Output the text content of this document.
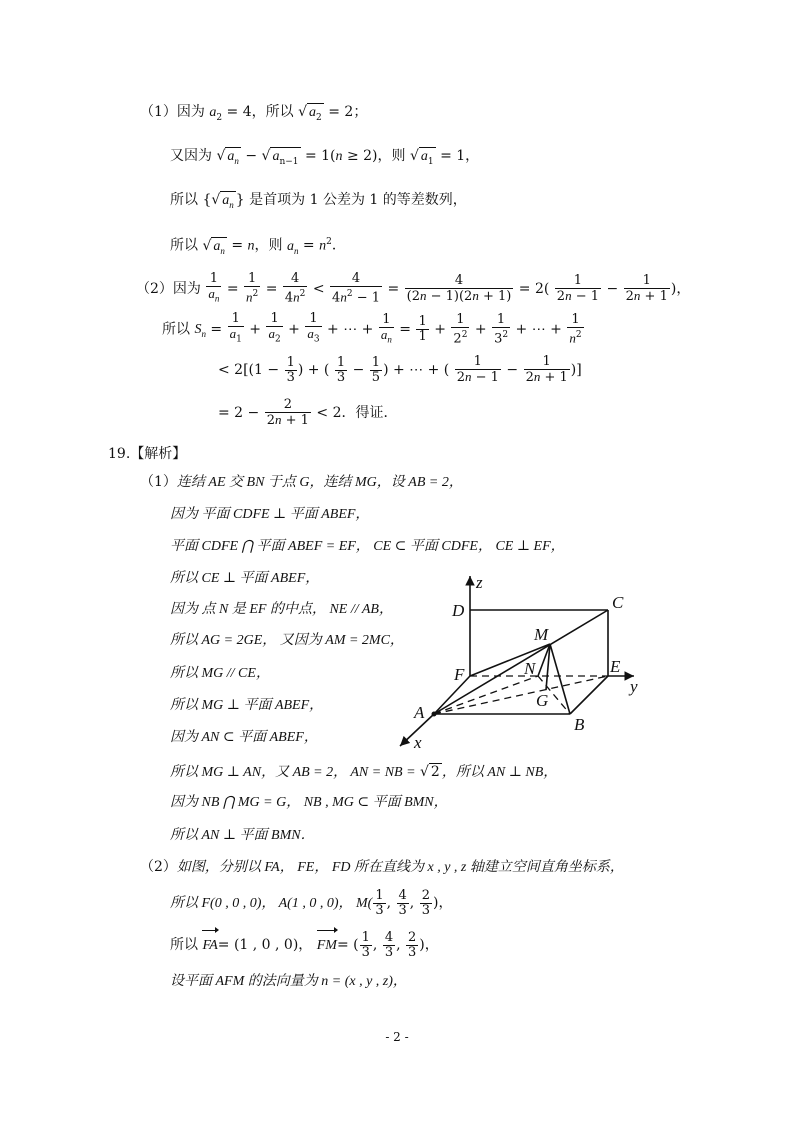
（1）因为 $a_2 = 4$，所以 √ $a_2 = 2$；
又因为 √ $a_n$ − √ $a_{n-1} = 1(n \ge 2)$，则 √ $a_1 = 1$，
所以 {√ $a_n$ } 是首项为 1 公差为 1 的等差数列，
所以 √ $a_n = n$，则 $a_n = n^2$．
（2）因为 $\frac{1}{a_n} = \frac{1}{n^2} = \frac{4}{4n^2} < \frac{4}{4n^2 - 1} = \frac{4}{(2n - 1)(2n + 1)} = 2( \frac{1}{2n - 1} - \frac{1}{2n + 1}$ )，
所以 $S_n = \frac{1}{a_1} + \frac{1}{a_2} + \frac{1}{a_3}$ + ⋯ + $\frac{1}{a_n} = \frac{1}{1} + \frac{1}{2^2} + \frac{1}{3^2}$ + ⋯ + $\frac{1}{n^2}$
< $2[(1 - \frac{1}{3}$ ) + ( $\frac{1}{3} - \frac{1}{5}$ ) + ⋯ + ( $\frac{1}{2n - 1} - \frac{1}{2n + 1}$ )]
= $2 - \frac{2}{2n + 1} < 2$．得证．
19.【解析】
（1）连结 AE 交 BN 于点 G，连结 MG，设 AB = 2，
因为 平面 CDFE ⊥ 平面 ABEF，
平面 CDFE ⋂ 平面 ABEF = EF， CE ⊂ 平面 CDFE， CE ⊥ EF，
所以 CE ⊥ 平面 ABEF，
因为 点 N 是 EF 的中点， NE // AB，
所以 AG = 2GE， 又因为 AM = 2MC，
所以 MG // CE，
所以 MG ⊥ 平面 ABEF，
因为 AN ⊂ 平面 ABEF，
所以 MG ⊥ AN，又 AB = 2， AN = NB = √ 2 ，所以 AN ⊥ NB，
因为 NB ⋂ MG = G， NB , MG ⊂ 平面 BMN，
所以 AN ⊥ 平面 BMN．
（2）如图，分别以 FA， FE， FD 所在直线为 x , y , z 轴建立空间直角坐标系，
所以 F(0 , 0 , 0)， A(1 , 0 , 0)， $M( \frac{1}{3}$ , $\frac{4}{3}$ , $\frac{2}{3}$ )，
所以 FA= (1 , 0 , 0)， FM= ( $\frac{1}{3}$ , $\frac{4}{3}$ , $\frac{2}{3}$ )，
设平面 AFM 的法向量为 n = (x , y , z)，
z
D	C
M
N	E
F
y
G
A
B
x
- 2 -
